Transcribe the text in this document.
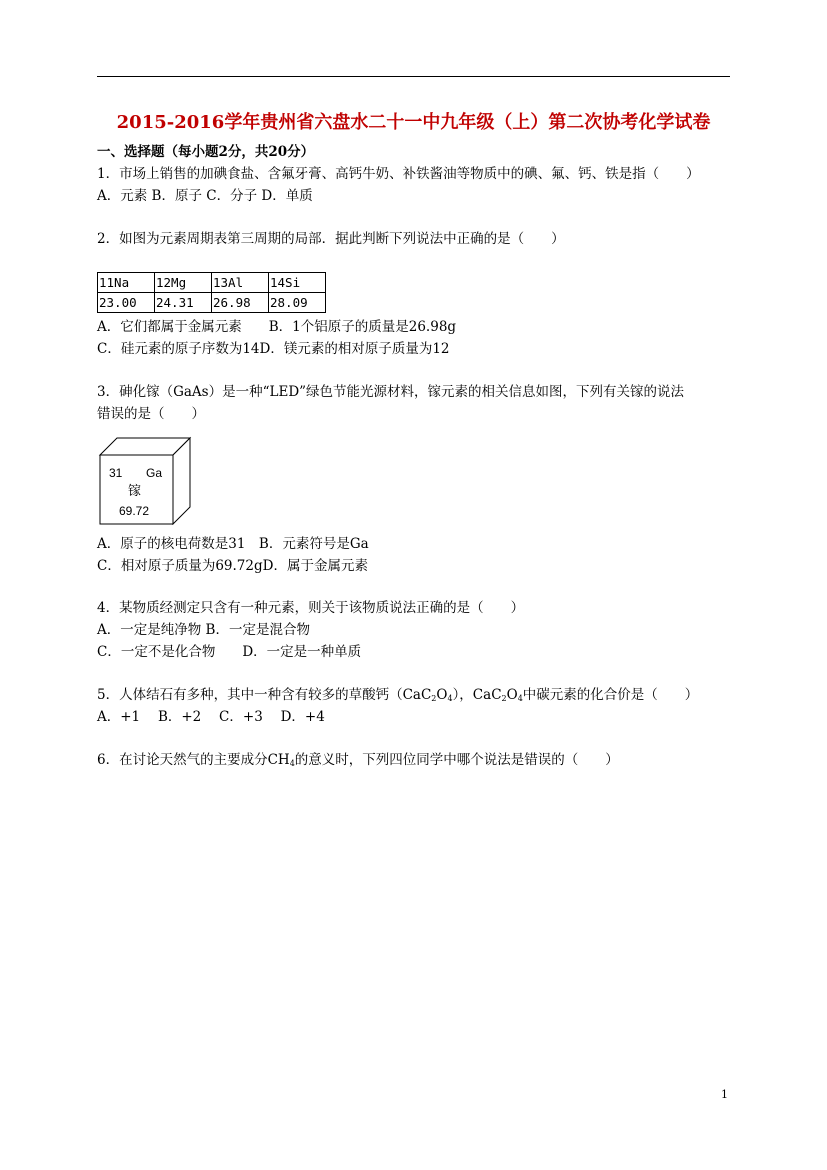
2015-2016学年贵州省六盘水二十一中九年级（上）第二次协考化学试卷
一、选择题（每小题2分，共20分）
1．市场上销售的加碘食盐、含氟牙膏、高钙牛奶、补铁酱油等物质中的碘、氟、钙、铁是指（　　）
A．元素 B．原子 C．分子 D．单质
2．如图为元素周期表第三周期的局部．据此判断下列说法中正确的是（　　）
11Na	12Mg	13Al	14Si
23.00	24.31	26.98	28.09
A．它们都属于金属元素　　B．1个铝原子的质量是26.98g
C．硅元素的原子序数为14D．镁元素的相对原子质量为12
3．砷化镓（GaAs）是一种“LED”绿色节能光源材料，镓元素的相关信息如图，下列有关镓的说法
错误的是（　　）
31 Ga
镓
69.72
A．原子的核电荷数是31　B．元素符号是Ga
C．相对原子质量为69.72gD．属于金属元素
4．某物质经测定只含有一种元素，则关于该物质说法正确的是（　　）
A．一定是纯净物 B．一定是混合物
C．一定不是化合物　　D．一定是一种单质
5．人体结石有多种，其中一种含有较多的草酸钙$(CaC_2O_4)$，$CaC_2O_4$中碳元素的化合价是（　　）
A．+1　 B．+2　 C．+3　 D．+4
6．在讨论天然气的主要成分$CH_4$的意义时，下列四位同学中哪个说法是错误的（　　）
1
